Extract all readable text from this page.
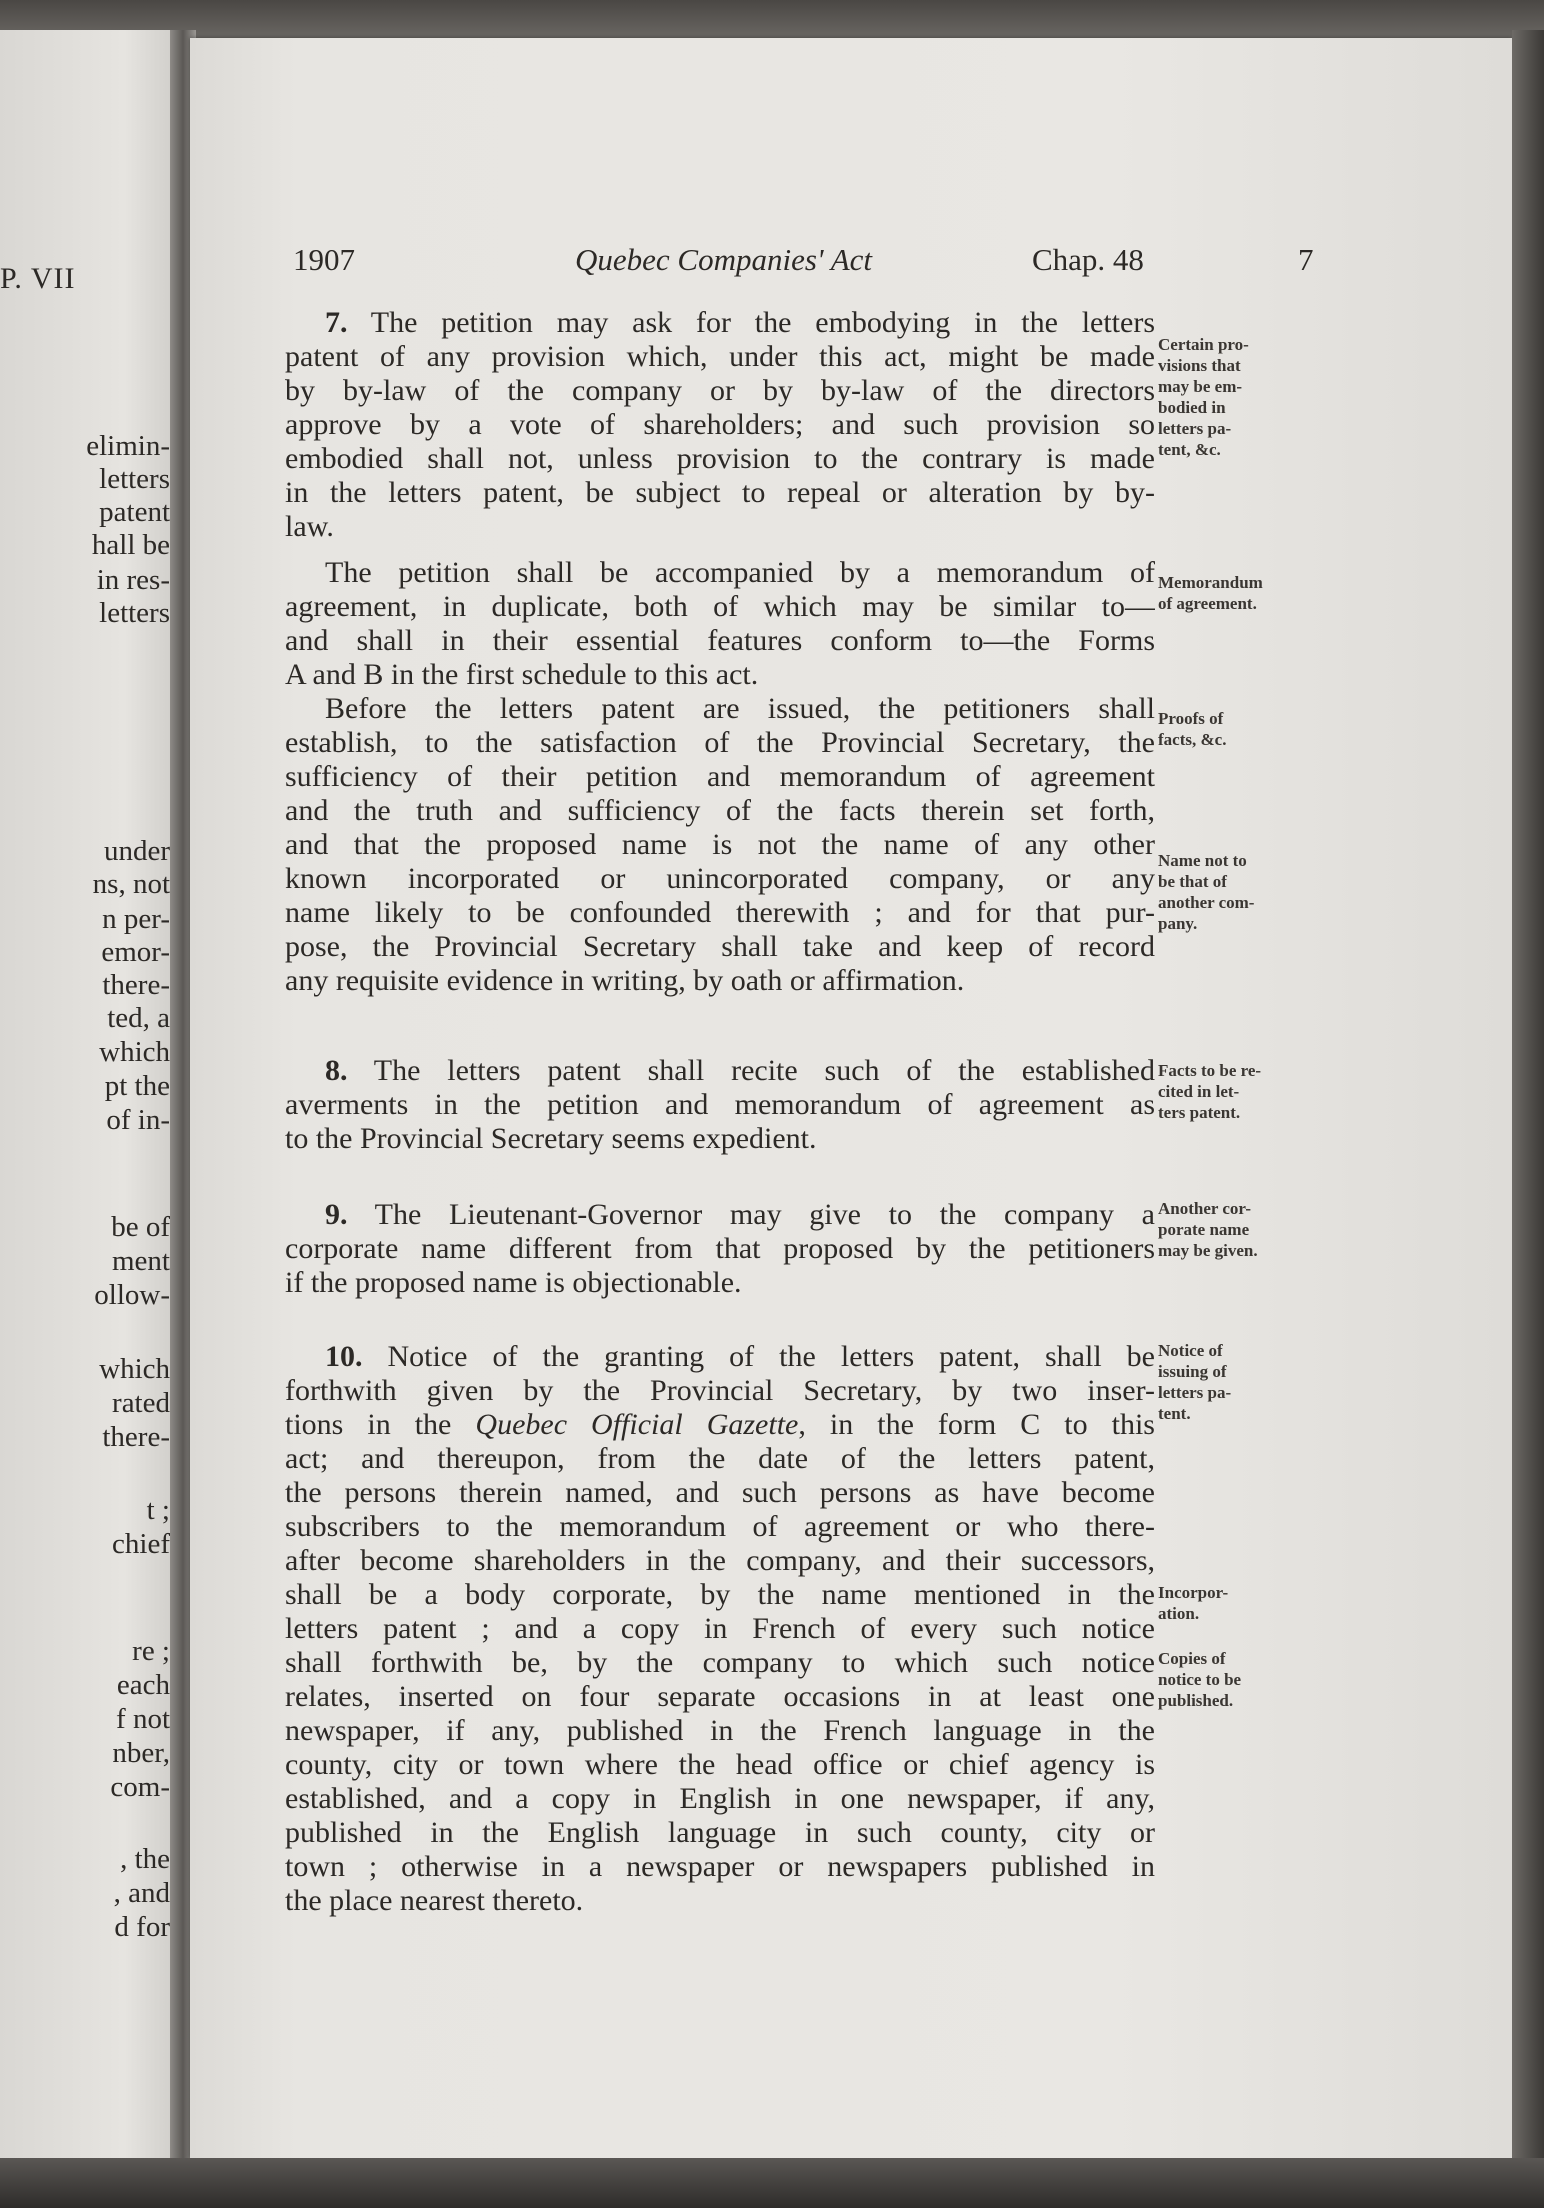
P. VII
elimin-
letters
patent
hall be
in res-
letters
under
ns, not
n per-
emor-
there-
ted, a
which
pt the
of in-
be of
ment
ollow-
which
rated
there-
t ;
chief
re ;
each
f not
nber,
com-
, the
, and
d for
1907	Quebec Companies' Act	Chap. 48	7
7. The petition may ask for the embodying in the letters
8. The letters patent shall recite such of the established
9. The Lieutenant-Governor may give to the company a
10. Notice of the granting of the letters patent, shall be
forthwith given by the Provincial Secretary, by two inser-
tions in the Quebec Official Gazette, in the form C to this
patent of any provision which, under this act, might be made
by by-law of the company or by by-law of the directors
approve by a vote of shareholders; and such provision so
embodied shall not, unless provision to the contrary is made
in the letters patent, be subject to repeal or alteration by by-
law.
The petition shall be accompanied by a memorandum of
agreement, in duplicate, both of which may be similar to—
and shall in their essential features conform to—the Forms
A and B in the first schedule to this act.
Before the letters patent are issued, the petitioners shall
establish, to the satisfaction of the Provincial Secretary, the
sufficiency of their petition and memorandum of agreement
and the truth and sufficiency of the facts therein set forth,
and that the proposed name is not the name of any other
known incorporated or unincorporated company, or any
name likely to be confounded therewith ; and for that pur-
pose, the Provincial Secretary shall take and keep of record
any requisite evidence in writing, by oath or affirmation.
averments in the petition and memorandum of agreement as
to the Provincial Secretary seems expedient.
corporate name different from that proposed by the petitioners
if the proposed name is objectionable.
act; and thereupon, from the date of the letters patent,
the persons therein named, and such persons as have become
subscribers to the memorandum of agreement or who there-
after become shareholders in the company, and their successors,
shall be a body corporate, by the name mentioned in the
letters patent ; and a copy in French of every such notice
shall forthwith be, by the company to which such notice
relates, inserted on four separate occasions in at least one
newspaper, if any, published in the French language in the
county, city or town where the head office or chief agency is
established, and a copy in English in one newspaper, if any,
published in the English language in such county, city or
town ; otherwise in a newspaper or newspapers published in
the place nearest thereto.
Certain pro-
visions that
may be em-
bodied in
letters pa-
tent, &c.
Memorandum
of agreement.
Proofs of
facts, &c.
Name not to
be that of
another com-
pany.
Facts to be re-
cited in let-
ters patent.
Another cor-
porate name
may be given.
Notice of
issuing of
letters pa-
tent.
Incorpor-
ation.
Copies of
notice to be
published.
